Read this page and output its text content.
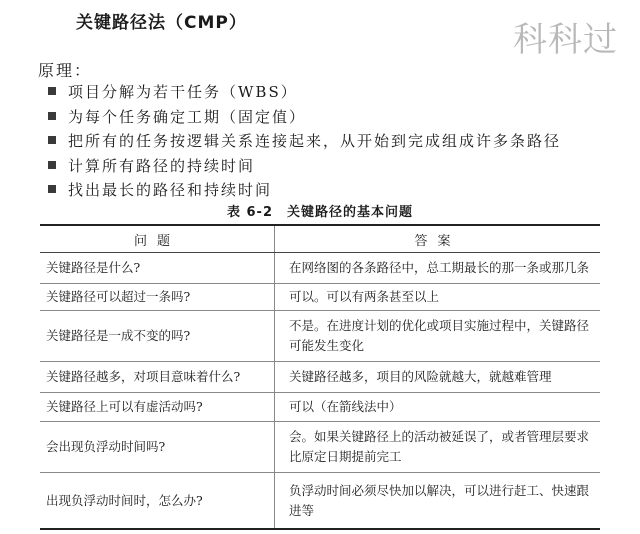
关键路径法（CMP）	科科过
原理：
项目分解为若干任务（WBS）
为每个任务确定工期（固定值）
把所有的任务按逻辑关系连接起来，从开始到完成组成许多条路径
计算所有路径的持续时间
找出最长的路径和持续时间
表 6-2　关键路径的基本问题
问题	答案
关键路径是什么?	在网络图的各条路径中，总工期最长的那一条或那几条
关键路径可以超过一条吗?	可以。可以有两条甚至以上
关键路径是一成不变的吗?	不是。在进度计划的优化或项目实施过程中，关键路径可能发生变化
关键路径越多，对项目意味着什么?	关键路径越多，项目的风险就越大，就越难管理
关键路径上可以有虚活动吗?	可以（在箭线法中）
会出现负浮动时间吗?	会。如果关键路径上的活动被延误了，或者管理层要求比原定日期提前完工
出现负浮动时间时，怎么办?	负浮动时间必须尽快加以解决，可以进行赶工、快速跟进等
